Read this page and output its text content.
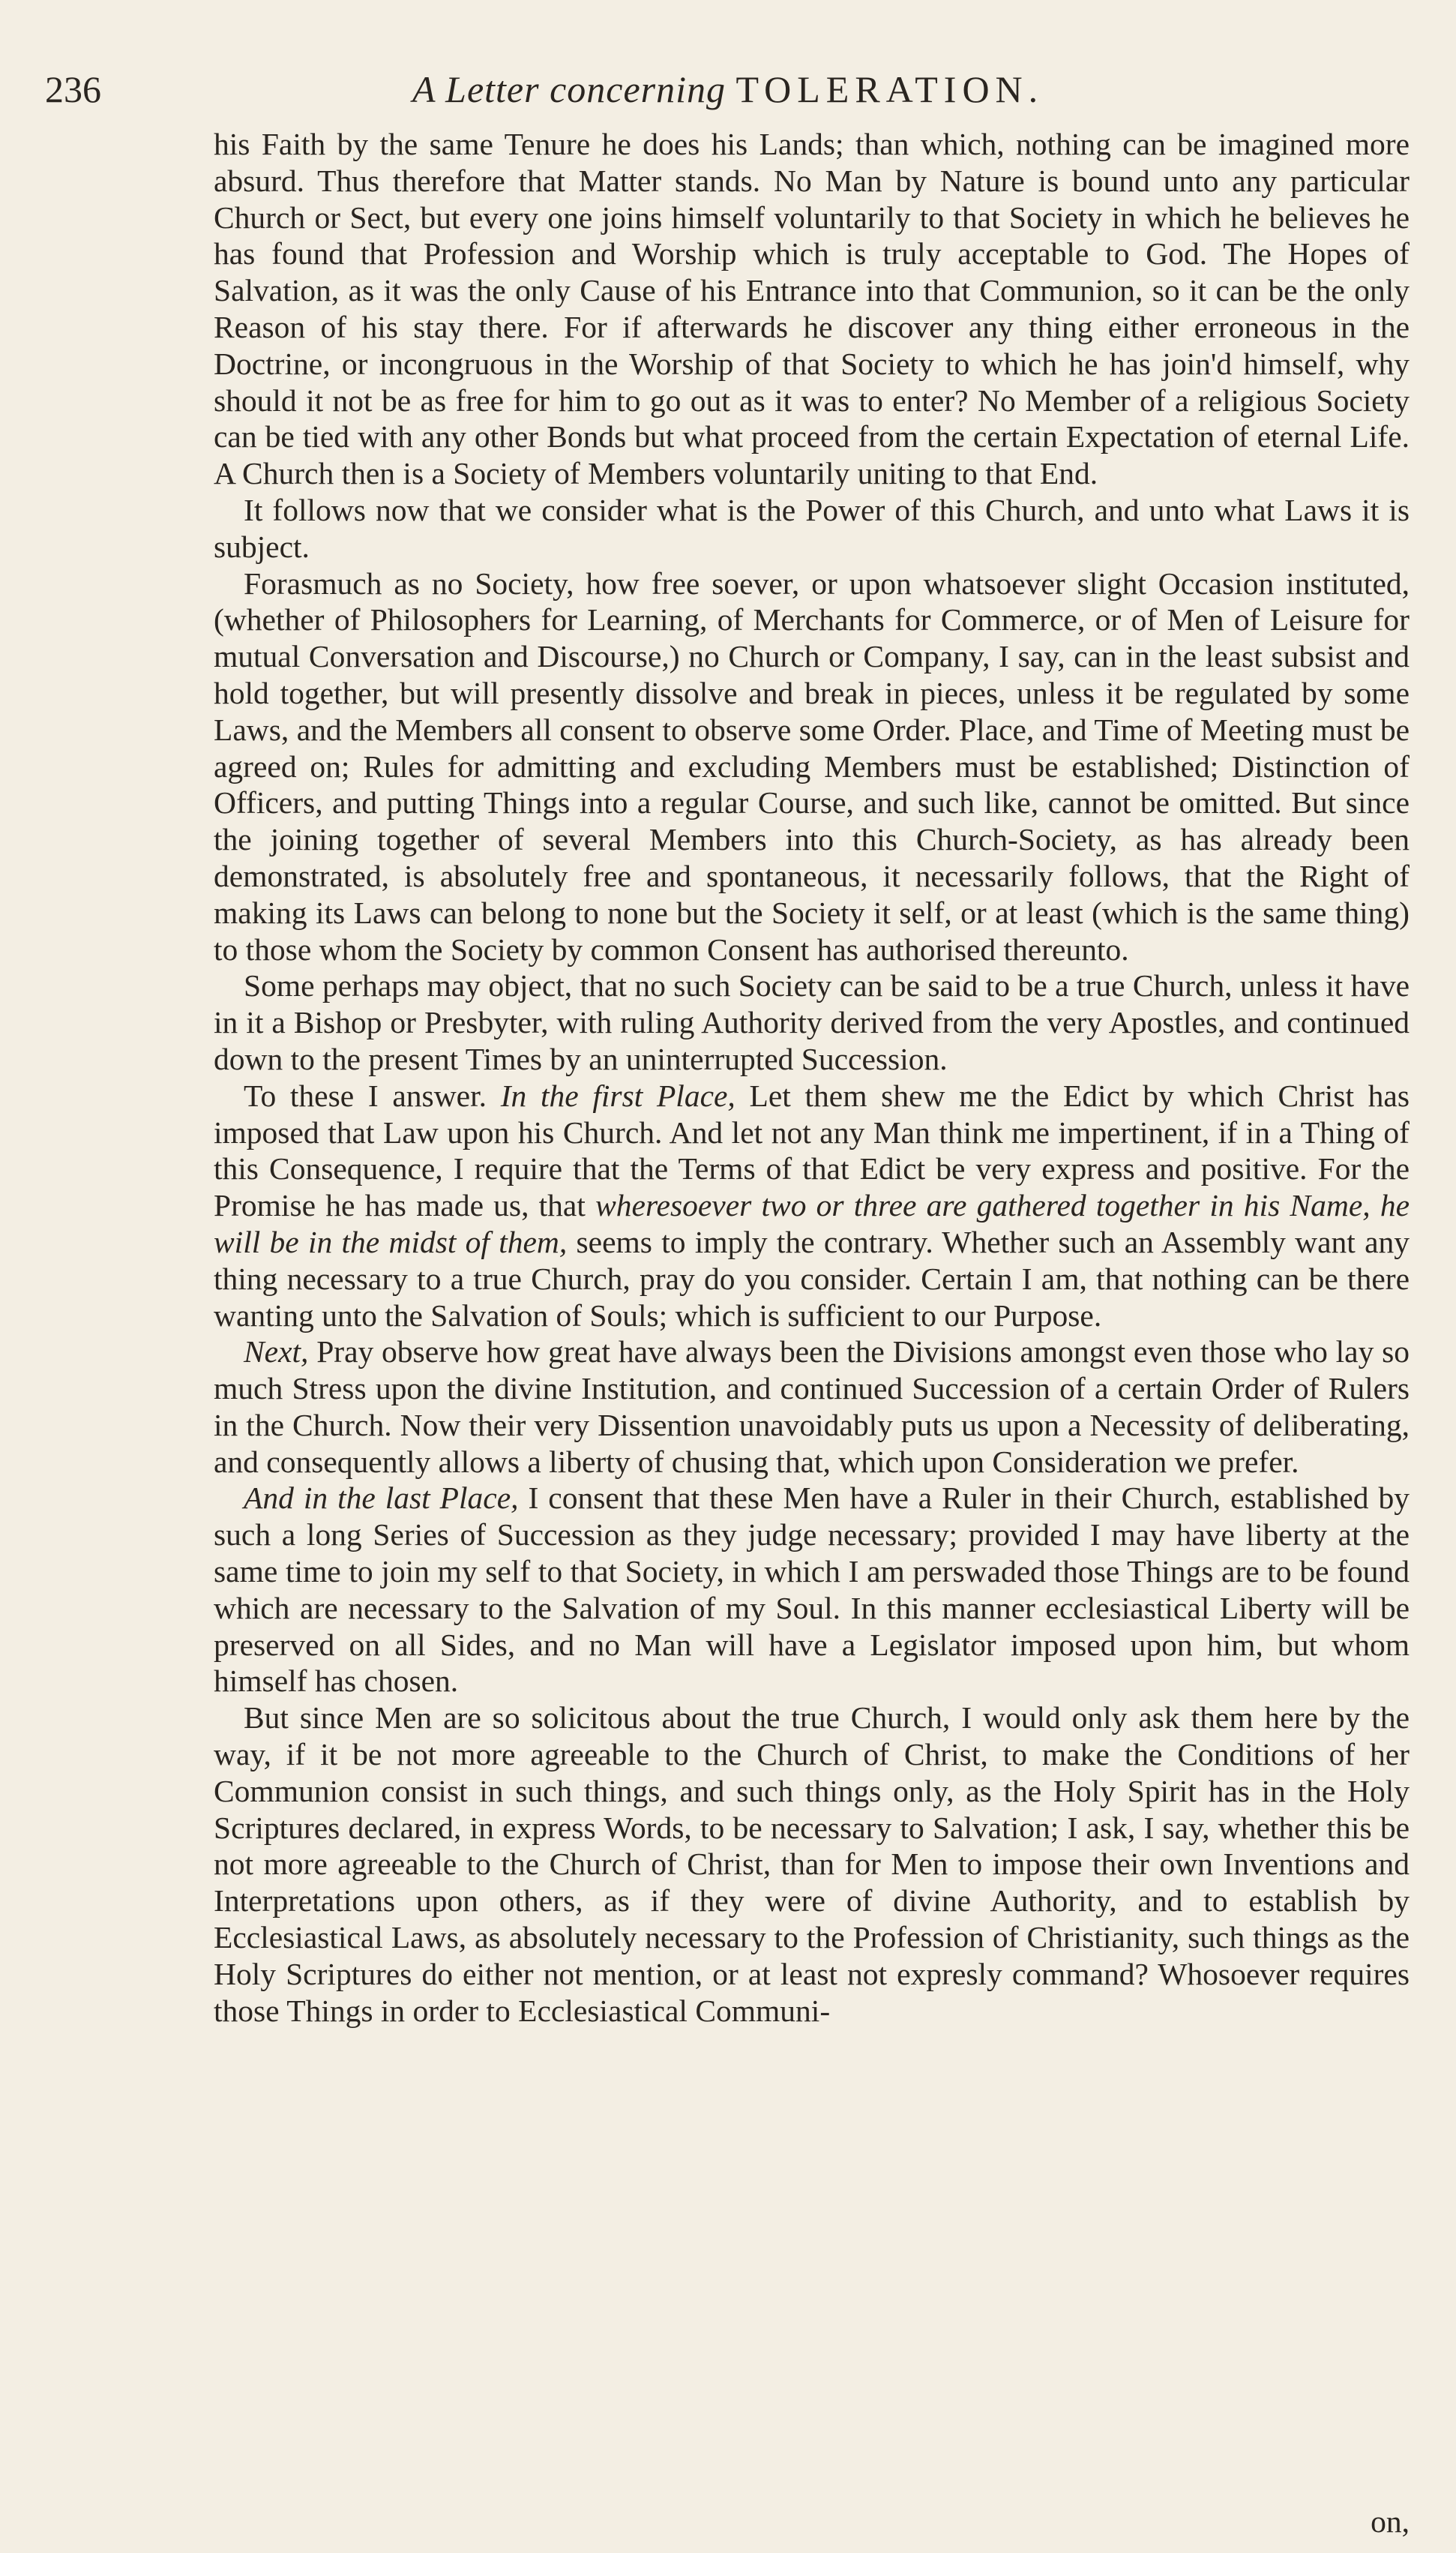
236	A Letter concerning TOLERATION.

his Faith by the same Tenure he does his Lands; than which, nothing can be imagined more absurd. Thus therefore that Matter stands. No Man by Nature is bound unto any particular Church or Sect, but every one joins himself voluntarily to that Society in which he believes he has found that Profession and Worship which is truly acceptable to God. The Hopes of Salvation, as it was the only Cause of his Entrance into that Communion, so it can be the only Reason of his stay there. For if afterwards he discover any thing either erroneous in the Doctrine, or incongruous in the Worship of that Society to which he has join'd himself, why should it not be as free for him to go out as it was to enter? No Member of a religious Society can be tied with any other Bonds but what proceed from the certain Expectation of eternal Life. A Church then is a Society of Members voluntarily uniting to that End.

It follows now that we consider what is the Power of this Church, and unto what Laws it is subject.

Forasmuch as no Society, how free soever, or upon whatsoever slight Occasion instituted, (whether of Philosophers for Learning, of Merchants for Commerce, or of Men of Leisure for mutual Conversation and Discourse,) no Church or Company, I say, can in the least subsist and hold together, but will presently dissolve and break in pieces, unless it be regulated by some Laws, and the Members all consent to observe some Order. Place, and Time of Meeting must be agreed on; Rules for admitting and excluding Members must be established; Distinction of Officers, and putting Things into a regular Course, and such like, cannot be omitted. But since the joining together of several Members into this Church-Society, as has already been demonstrated, is absolutely free and spontaneous, it necessarily follows, that the Right of making its Laws can belong to none but the Society it self, or at least (which is the same thing) to those whom the Society by common Consent has authorised thereunto.

Some perhaps may object, that no such Society can be said to be a true Church, unless it have in it a Bishop or Presbyter, with ruling Authority derived from the very Apostles, and continued down to the present Times by an uninterrupted Succession.

To these I answer. In the first Place, Let them shew me the Edict by which Christ has imposed that Law upon his Church. And let not any Man think me impertinent, if in a Thing of this Consequence, I require that the Terms of that Edict be very express and positive. For the Promise he has made us, that wheresoever two or three are gathered together in his Name, he will be in the midst of them, seems to imply the contrary. Whether such an Assembly want any thing necessary to a true Church, pray do you consider. Certain I am, that nothing can be there wanting unto the Salvation of Souls; which is sufficient to our Purpose.

Next, Pray observe how great have always been the Divisions amongst even those who lay so much Stress upon the divine Institution, and continued Succession of a certain Order of Rulers in the Church. Now their very Dissention unavoidably puts us upon a Necessity of deliberating, and consequently allows a liberty of chusing that, which upon Consideration we prefer.

And in the last Place, I consent that these Men have a Ruler in their Church, established by such a long Series of Succession as they judge necessary; provided I may have liberty at the same time to join my self to that Society, in which I am perswaded those Things are to be found which are necessary to the Salvation of my Soul. In this manner ecclesiastical Liberty will be preserved on all Sides, and no Man will have a Legislator imposed upon him, but whom himself has chosen.

But since Men are so solicitous about the true Church, I would only ask them here by the way, if it be not more agreeable to the Church of Christ, to make the Conditions of her Communion consist in such things, and such things only, as the Holy Spirit has in the Holy Scriptures declared, in express Words, to be necessary to Salvation; I ask, I say, whether this be not more agreeable to the Church of Christ, than for Men to impose their own Inventions and Interpretations upon others, as if they were of divine Authority, and to establish by Ecclesiastical Laws, as absolutely necessary to the Profession of Christianity, such things as the Holy Scriptures do either not mention, or at least not expresly command? Whosoever requires those Things in order to Ecclesiastical Communi-

on,
